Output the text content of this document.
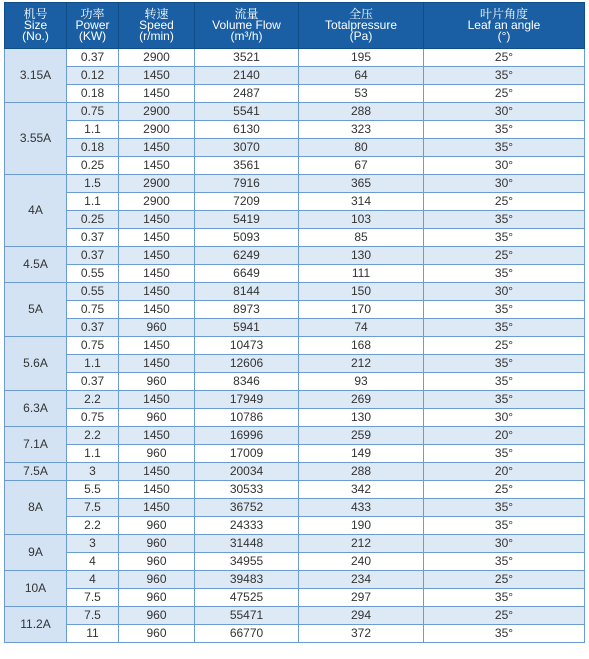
机号
Size
(No.)	功率
Power
(KW)	转速
Speed
(r/min)	流量
Volume Flow
(m³/h)	全压
Totalpressure
(Pa)	叶片角度
Leaf an angle
(°)

3.15A	0.37	2900	3521	195	25°
	0.12	1450	2140	64	35°
	0.18	1450	2487	53	25°
3.55A	0.75	2900	5541	288	30°
	1.1	2900	6130	323	35°
	0.18	1450	3070	80	35°
	0.25	1450	3561	67	30°
4A	1.5	2900	7916	365	30°
	1.1	2900	7209	314	25°
	0.25	1450	5419	103	35°
	0.37	1450	5093	85	35°
4.5A	0.37	1450	6249	130	25°
	0.55	1450	6649	111	35°
5A	0.55	1450	8144	150	30°
	0.75	1450	8973	170	35°
	0.37	960	5941	74	35°
5.6A	0.75	1450	10473	168	25°
	1.1	1450	12606	212	35°
	0.37	960	8346	93	35°
6.3A	2.2	1450	17949	269	35°
	0.75	960	10786	130	30°
7.1A	2.2	1450	16996	259	20°
	1.1	960	17009	149	35°
7.5A	3	1450	20034	288	20°
8A	5.5	1450	30533	342	25°
	7.5	1450	36752	433	35°
	2.2	960	24333	190	35°
9A	3	960	31448	212	30°
	4	960	34955	240	35°
10A	4	960	39483	234	25°
	7.5	960	47525	297	35°
11.2A	7.5	960	55471	294	25°
	11	960	66770	372	35°
